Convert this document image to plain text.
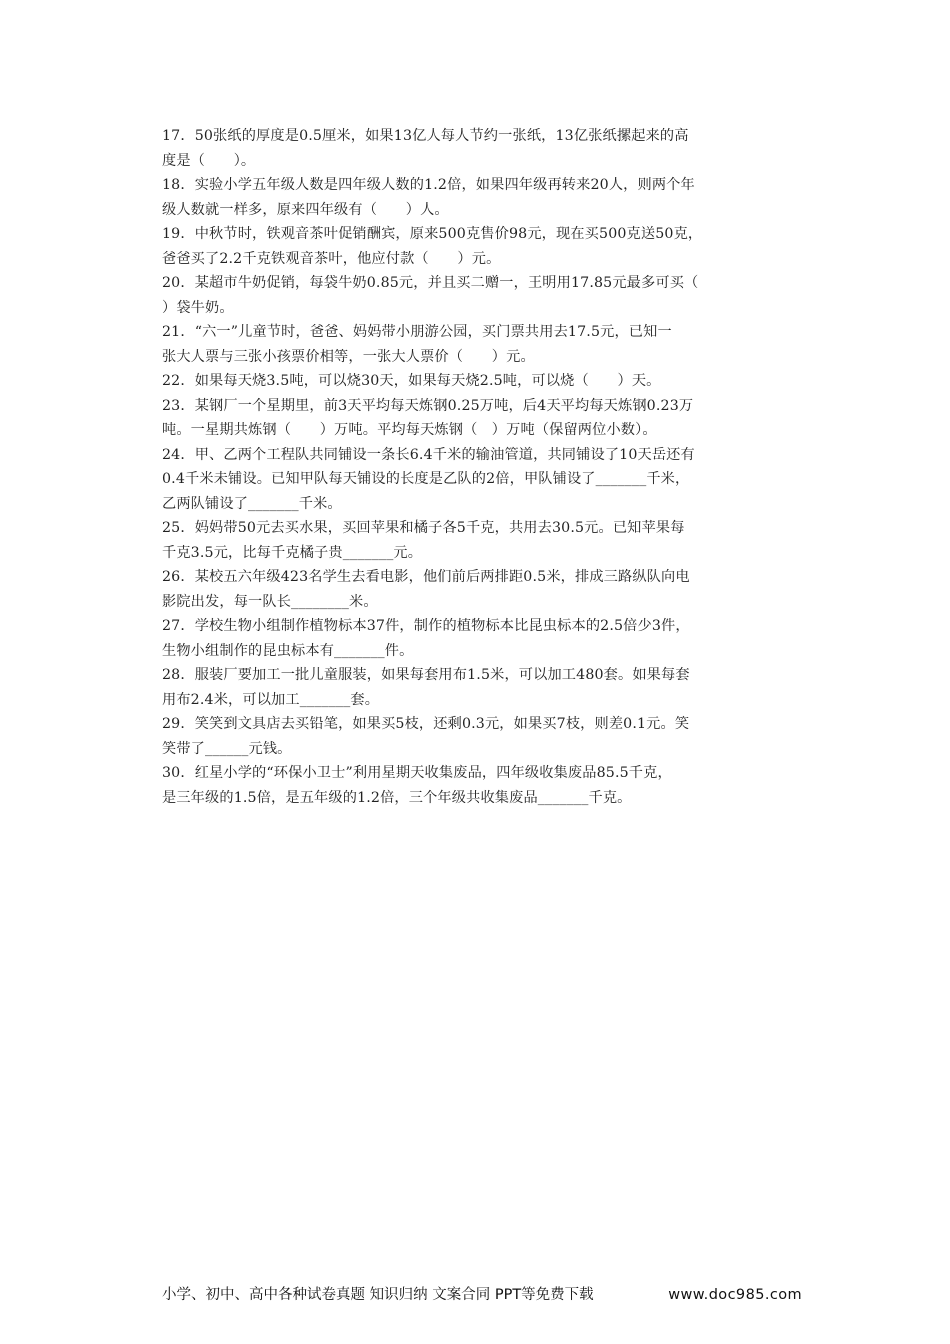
17．50张纸的厚度是0.5厘米，如果13亿人每人节约一张纸，13亿张纸摞起来的高
度是（　　）。
18．实验小学五年级人数是四年级人数的1.2倍，如果四年级再转来20人，则两个年
级人数就一样多，原来四年级有（　　）人。
19．中秋节时，铁观音茶叶促销酬宾，原来500克售价98元，现在买500克送50克，
爸爸买了2.2千克铁观音茶叶，他应付款（　　）元。
20．某超市牛奶促销，每袋牛奶0.85元，并且买二赠一，王明用17.85元最多可买（
）袋牛奶。
21．“六一”儿童节时，爸爸、妈妈带小朋游公园，买门票共用去17.5元，已知一
张大人票与三张小孩票价相等，一张大人票价（　　）元。
22．如果每天烧3.5吨，可以烧30天，如果每天烧2.5吨，可以烧（　　）天。
23．某钢厂一个星期里，前3天平均每天炼钢0.25万吨，后4天平均每天炼钢0.23万
吨。一星期共炼钢（　　）万吨。平均每天炼钢（　）万吨（保留两位小数）。
24．甲、乙两个工程队共同铺设一条长6.4千米的输油管道，共同铺设了10天岳还有
0.4千米未铺设。已知甲队每天铺设的长度是乙队的2倍，甲队铺设了_______千米，
乙两队铺设了_______千米。
25．妈妈带50元去买水果，买回苹果和橘子各5千克，共用去30.5元。已知苹果每
千克3.5元，比每千克橘子贵_______元。
26．某校五六年级423名学生去看电影，他们前后两排距0.5米，排成三路纵队向电
影院出发，每一队长________米。
27．学校生物小组制作植物标本37件，制作的植物标本比昆虫标本的2.5倍少3件，
生物小组制作的昆虫标本有_______件。
28．服装厂要加工一批儿童服装，如果每套用布1.5米，可以加工480套。如果每套
用布2.4米，可以加工_______套。
29．笑笑到文具店去买铅笔，如果买5枝，还剩0.3元，如果买7枝，则差0.1元。笑
笑带了______元钱。
30．红星小学的“环保小卫士”利用星期天收集废品，四年级收集废品85.5千克，
是三年级的1.5倍，是五年级的1.2倍，三个年级共收集废品_______千克。
小学、初中、高中各种试卷真题 知识归纳 文案合同 PPT等免费下载	www.doc985.com
